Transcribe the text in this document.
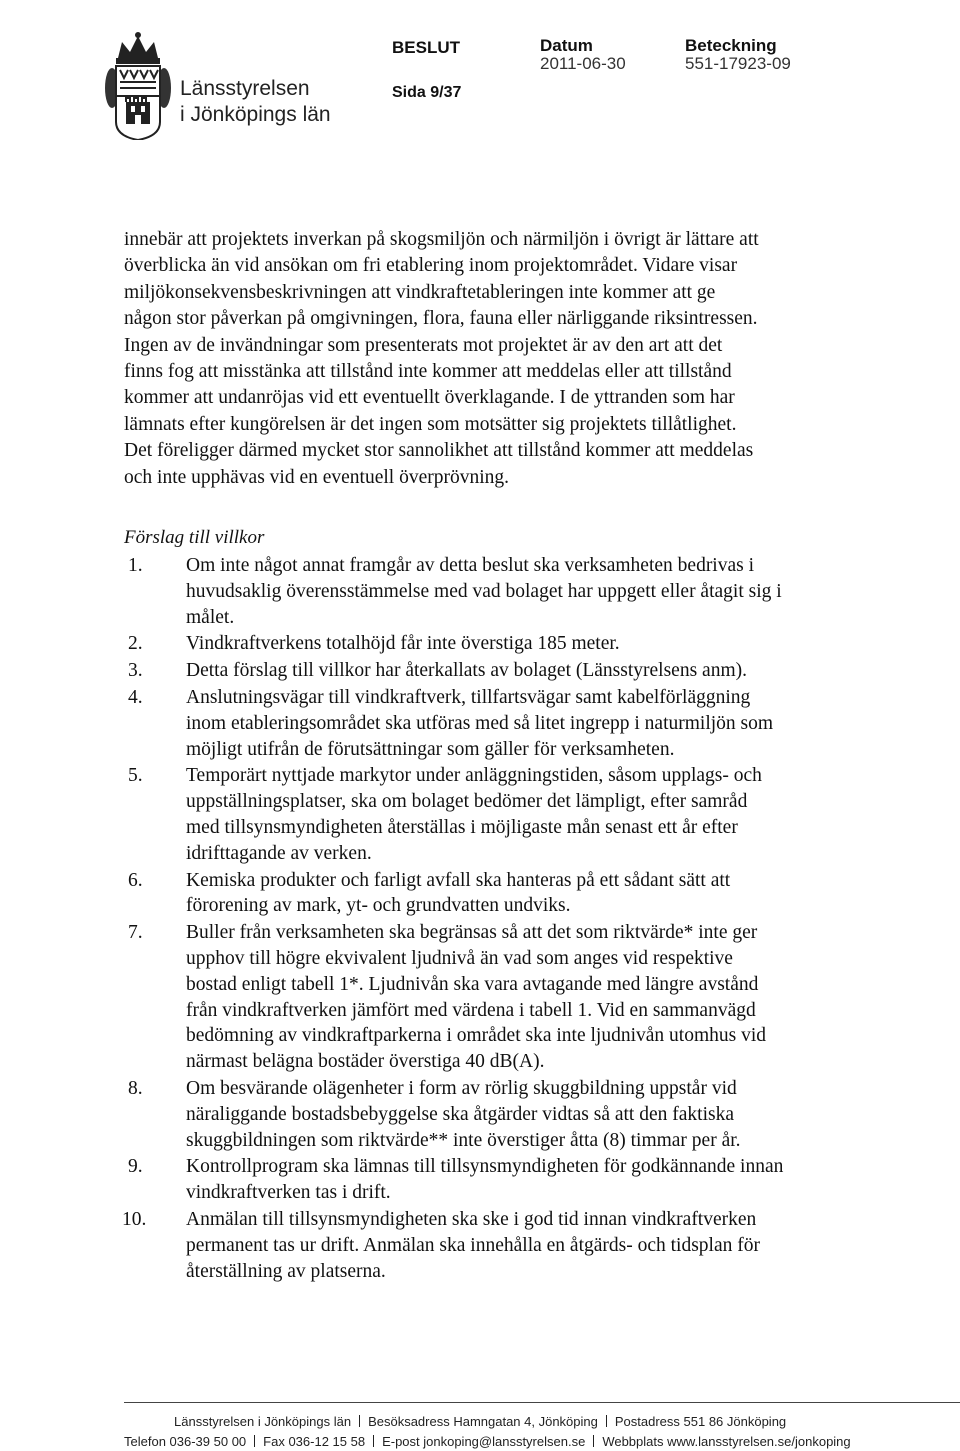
Länsstyrelsen
i Jönköpings län
BESLUT
Sida 9/37
Datum
2011-06-30
Beteckning
551-17923-09

innebär att projektets inverkan på skogsmiljön och närmiljön i övrigt är lättare att överblicka än vid ansökan om fri etablering inom projektområdet. Vidare visar miljökonsekvensbeskrivningen att vindkraftetableringen inte kommer att ge någon stor påverkan på omgivningen, flora, fauna eller närliggande riksintressen. Ingen av de invändningar som presenterats mot projektet är av den art att det finns fog att misstänka att tillstånd inte kommer att meddelas eller att tillstånd kommer att undanröjas vid ett eventuellt överklagande. I de yttranden som har lämnats efter kungörelsen är det ingen som motsätter sig projektets tillåtlighet. Det föreligger därmed mycket stor sannolikhet att tillstånd kommer att meddelas och inte upphävas vid en eventuell överprövning.

Förslag till villkor
1. Om inte något annat framgår av detta beslut ska verksamheten bedrivas i huvudsaklig överensstämmelse med vad bolaget har uppgett eller åtagit sig i målet.
2. Vindkraftverkens totalhöjd får inte överstiga 185 meter.
3. Detta förslag till villkor har återkallats av bolaget (Länsstyrelsens anm).
4. Anslutningsvägar till vindkraftverk, tillfartsvägar samt kabelförläggning inom etableringsområdet ska utföras med så litet ingrepp i naturmiljön som möjligt utifrån de förutsättningar som gäller för verksamheten.
5. Temporärt nyttjade markytor under anläggningstiden, såsom upplags- och uppställningsplatser, ska om bolaget bedömer det lämpligt, efter samråd med tillsynsmyndigheten återställas i möjligaste mån senast ett år efter idrifttagande av verken.
6. Kemiska produkter och farligt avfall ska hanteras på ett sådant sätt att förorening av mark, yt- och grundvatten undviks.
7. Buller från verksamheten ska begränsas så att det som riktvärde* inte ger upphov till högre ekvivalent ljudnivå än vad som anges vid respektive bostad enligt tabell 1*. Ljudnivån ska vara avtagande med längre avstånd från vindkraftverken jämfört med värdena i tabell 1. Vid en sammanvägd bedömning av vindkraftparkerna i området ska inte ljudnivån utomhus vid närmast belägna bostäder överstiga 40 dB(A).
8. Om besvärande olägenheter i form av rörlig skuggbildning uppstår vid näraliggande bostadsbebyggelse ska åtgärder vidtas så att den faktiska skuggbildningen som riktvärde** inte överstiger åtta (8) timmar per år.
9. Kontrollprogram ska lämnas till tillsynsmyndigheten för godkännande innan vindkraftverken tas i drift.
10. Anmälan till tillsynsmyndigheten ska ske i god tid innan vindkraftverken permanent tas ur drift. Anmälan ska innehålla en åtgärds- och tidsplan för återställning av platserna.
Länsstyrelsen i Jönköpings län Besöksadress Hamngatan 4, Jönköping Postadress 551 86 Jönköping
Telefon 036-39 50 00 Fax 036-12 15 58 E-post jonkoping@lansstyrelsen.se Webbplats www.lansstyrelsen.se/jonkoping
